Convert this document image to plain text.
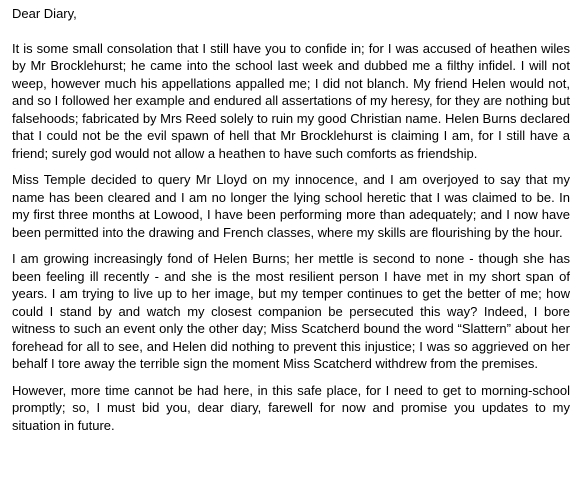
Dear Diary,

It is some small consolation that I still have you to confide in; for I was accused of heathen wiles by Mr Brocklehurst; he came into the school last week and dubbed me a filthy infidel. I will not weep, however much his appellations appalled me; I did not blanch. My friend Helen would not, and so I followed her example and endured all assertations of my heresy, for they are nothing but falsehoods; fabricated by Mrs Reed solely to ruin my good Christian name. Helen Burns declared that I could not be the evil spawn of hell that Mr Brocklehurst is claiming I am, for I still have a friend; surely god would not allow a heathen to have such comforts as friendship.

Miss Temple decided to query Mr Lloyd on my innocence, and I am overjoyed to say that my name has been cleared and I am no longer the lying school heretic that I was claimed to be. In my first three months at Lowood, I have been performing more than adequately; and I now have been permitted into the drawing and French classes, where my skills are flourishing by the hour.

I am growing increasingly fond of Helen Burns; her mettle is second to none - though she has been feeling ill recently - and she is the most resilient person I have met in my short span of years. I am trying to live up to her image, but my temper continues to get the better of me; how could I stand by and watch my closest companion be persecuted this way? Indeed, I bore witness to such an event only the other day; Miss Scatcherd bound the word “Slattern” about her forehead for all to see, and Helen did nothing to prevent this injustice; I was so aggrieved on her behalf I tore away the terrible sign the moment Miss Scatcherd withdrew from the premises.

However, more time cannot be had here, in this safe place, for I need to get to morning-school promptly; so, I must bid you, dear diary, farewell for now and promise you updates to my situation in future.
